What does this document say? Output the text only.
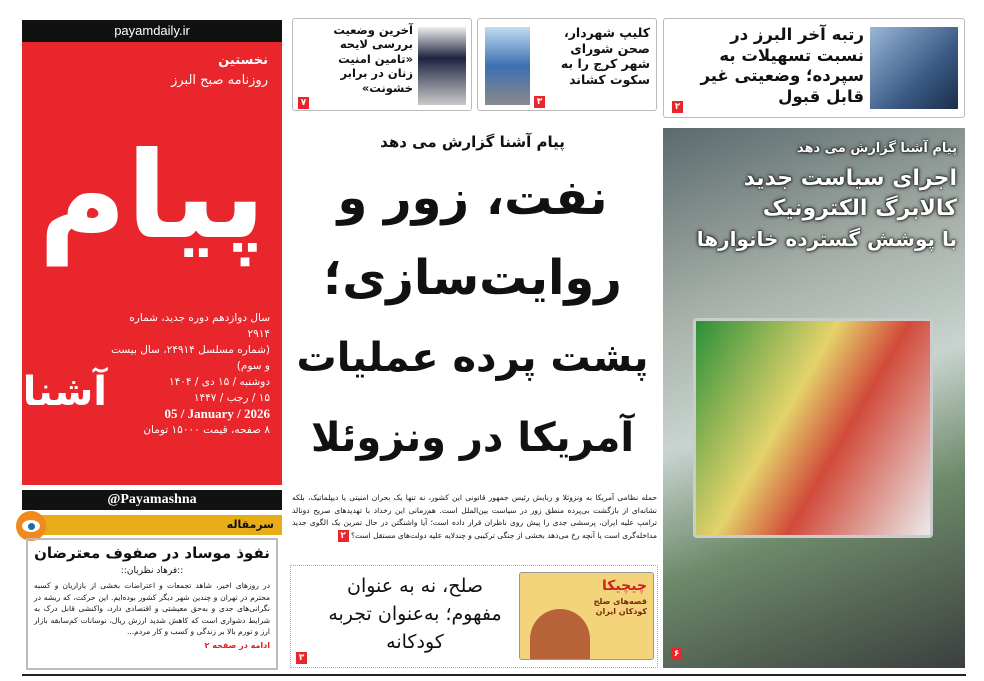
payamdaily.ir
نخستین
روزنامه صبح البرز
پیام
آشنا
سال دوازدهم دوره جدید، شماره ۲۹۱۴
(شماره مسلسل ۲۴۹۱۴، سال بیست و سوم)
دوشنبه / ۱۵ دی / ۱۴۰۴
۱۵ / رجب / ۱۴۴۷
05 / January / 2026
۸ صفحه، قیمت ۱۵۰۰۰ تومان
@Payamashna
سرمقاله
نفوذ موساد در صفوف معترضان
::فرهاد نظریان::

در روزهای اخیر، شاهد تجمعات و اعتراضات بخشی از بازاریان و کسبه محترم در تهران و چندین شهر دیگر کشور بوده‌ایم. این حرکت، که ریشه در نگرانی‌های جدی و به‌حق معیشتی و اقتصادی دارد، واکنشی قابل درک به شرایط دشواری است که کاهش شدید ارزش ریال، نوسانات کم‌سابقه بازار ارز و تورم بالا بر زندگی و کسب و کار مردم...

ادامه در صفحه ۲
رتبه آخر البرز در نسبت تسهیلات به سپرده؛ وضعیتی غیر قابل قبول
۲
کلیپ شهردار، صحن شورای شهر کرج را به سکوت کشاند
۳
آخرین وضعیت بررسی لایحه «تامین امنیت زنان در برابر خشونت»
۷
پیام آشنا گزارش می دهد
نفت، زور و
روایت‌سازی؛
پشت پرده عملیات
آمریکا در ونزوئلا
حمله نظامی آمریکا به ونزوئلا و ربایش رئیس جمهور قانونی این کشور، نه تنها یک بحران امنیتی یا دیپلماتیک، بلکه نشانه‌ای از بازگشت بی‌پرده منطق زور در سیاست بین‌الملل است. هم‌زمانی این رخداد با تهدیدهای صریح دونالد ترامپ علیه ایران، پرسشی جدی را پیش روی ناظران قرار داده است؛ آیا واشنگتن در حال تمرین یک الگوی جدید مداخله‌گری است یا آنچه رخ می‌دهد بخشی از جنگی ترکیبی و چندلایه علیه دولت‌های مستقل است؟ ۲
صلح، نه به عنوان
مفهوم؛ به‌عنوان تجربه
کودکانه
۳
چیچیکا
قصه‌های صلح کودکان ایران
پیام آشنا گزارش می دهد
اجرای سیاست جدید
کالابرگ الکترونیک
با پوشش گسترده خانوارها
۶
